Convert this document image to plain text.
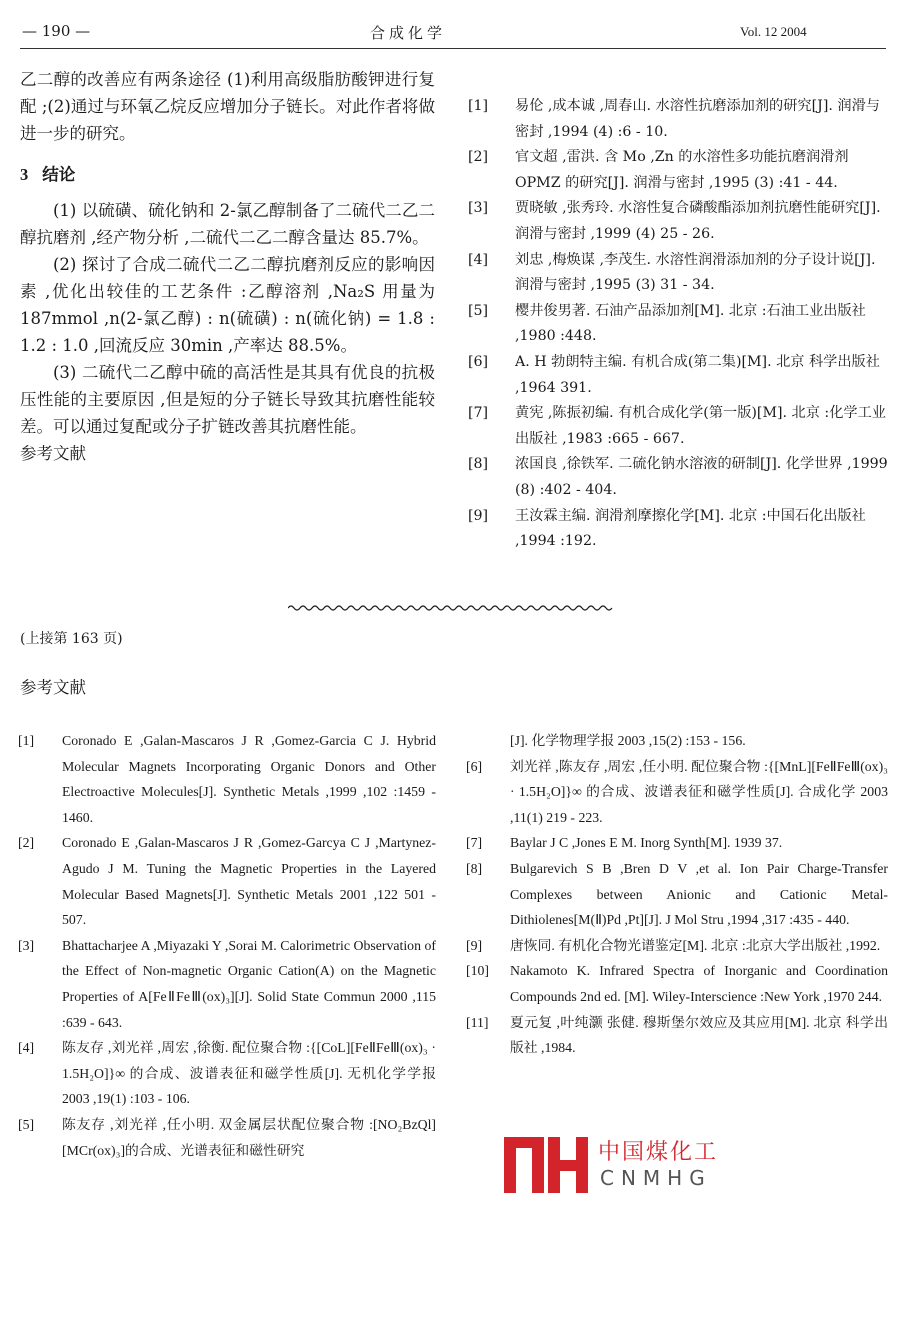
— 190 —	合成化学	Vol. 12 2004

乙二醇的改善应有两条途径 (1)利用高级脂肪酸钾进行复配 ;(2)通过与环氧乙烷反应增加分子链长。对此作者将做进一步的研究。

3 结论

(1) 以硫磺、硫化钠和 2-氯乙醇制备了二硫代二乙二醇抗磨剂 ,经产物分析 ,二硫代二乙二醇含量达 85.7%。

(2) 探讨了合成二硫代二乙二醇抗磨剂反应的影响因素 ,优化出较佳的工艺条件 :乙醇溶剂 ,Na₂S 用量为 187mmol ,n(2-氯乙醇) : n(硫磺) : n(硫化钠) = 1.8 : 1.2 : 1.0 ,回流反应 30min ,产率达 88.5%。

(3) 二硫代二乙醇中硫的高活性是其具有优良的抗极压性能的主要原因 ,但是短的分子链长导致其抗磨性能较差。可以通过复配或分子扩链改善其抗磨性能。

参考文献

[1] 易伦 ,成本诚 ,周春山. 水溶性抗磨添加剂的研究[J]. 润滑与密封 ,1994 (4) :6 - 10.

[2] 官文超 ,雷洪. 含 Mo ,Zn 的水溶性多功能抗磨润滑剂 OPMZ 的研究[J]. 润滑与密封 ,1995 (3) :41 - 44.

[3] 贾晓敏 ,张秀玲. 水溶性复合磷酸酯添加剂抗磨性能研究[J]. 润滑与密封 ,1999 (4) 25 - 26.

[4] 刘忠 ,梅焕谋 ,李茂生. 水溶性润滑添加剂的分子设计说[J]. 润滑与密封 ,1995 (3) 31 - 34.

[5] 樱井俊男著. 石油产品添加剂[M]. 北京 :石油工业出版社 ,1980 :448.

[6] A. H 勃朗特主编. 有机合成(第二集)[M]. 北京 科学出版社 ,1964 391.

[7] 黄宪 ,陈振初编. 有机合成化学(第一版)[M]. 北京 :化学工业出版社 ,1983 :665 - 667.

[8] 浓国良 ,徐铁军. 二硫化钠水溶液的研制[J]. 化学世界 ,1999 (8) :402 - 404.

[9] 王汝霖主编. 润滑剂摩擦化学[M]. 北京 :中国石化出版社 ,1994 :192.

(上接第 163 页)
参考文献

[1] Coronado E ,Galan-Mascaros J R ,Gomez-Garcia C J. Hybrid Molecular Magnets Incorporating Organic Donors and Other Electroactive Molecules[J]. Synthetic Metals ,1999 ,102 :1459 - 1460.

[2] Coronado E ,Galan-Mascaros J R ,Gomez-Garcya C J ,Martynez-Agudo J M. Tuning the Magnetic Properties in the Layered Molecular Based Magnets[J]. Synthetic Metals 2001 ,122 501 - 507.

[3] Bhattacharjee A ,Miyazaki Y ,Sorai M. Calorimetric Observation of the Effect of Non-magnetic Organic Cation(A) on the Magnetic Properties of A[FeⅡFeⅢ(ox)₃][J]. Solid State Commun 2000 ,115 :639 - 643.

[4] 陈友存 ,刘光祥 ,周宏 ,徐衡. 配位聚合物 :{[CoL][FeⅡFeⅢ(ox)₃ · 1.5H₂O]}∞ 的合成、波谱表征和磁学性质[J]. 无机化学学报 2003 ,19(1) :103 - 106.

[5] 陈友存 ,刘光祥 ,任小明. 双金属层状配位聚合物 :[NO₂BzQl][MCr(ox)₃]的合成、光谱表征和磁性研究

[J]. 化学物理学报 2003 ,15(2) :153 - 156.

[6] 刘光祥 ,陈友存 ,周宏 ,任小明. 配位聚合物 :{[MnL][FeⅡFeⅢ(ox)₃ · 1.5H₂O]}∞ 的合成、波谱表征和磁学性质[J]. 合成化学 2003 ,11(1) 219 - 223.

[7] Baylar J C ,Jones E M. Inorg Synth[M]. 1939 37.

[8] Bulgarevich S B ,Bren D V ,et al. Ion Pair Charge-Transfer Complexes between Anionic and Cationic Metal-Dithiolenes[M(Ⅱ)Pd ,Pt][J]. J Mol Stru ,1994 ,317 :435 - 440.

[9] 唐恢同. 有机化合物光谱鉴定[M]. 北京 :北京大学出版社 ,1992.

[10] Nakamoto K. Infrared Spectra of Inorganic and Coordination Compounds 2nd ed. [M]. Wiley-Interscience :New York ,1970 244.

[11] 夏元复 ,叶纯灏 张健. 穆斯堡尔效应及其应用[M]. 北京 科学出版社 ,1984.

中国煤化工
CNMHG
